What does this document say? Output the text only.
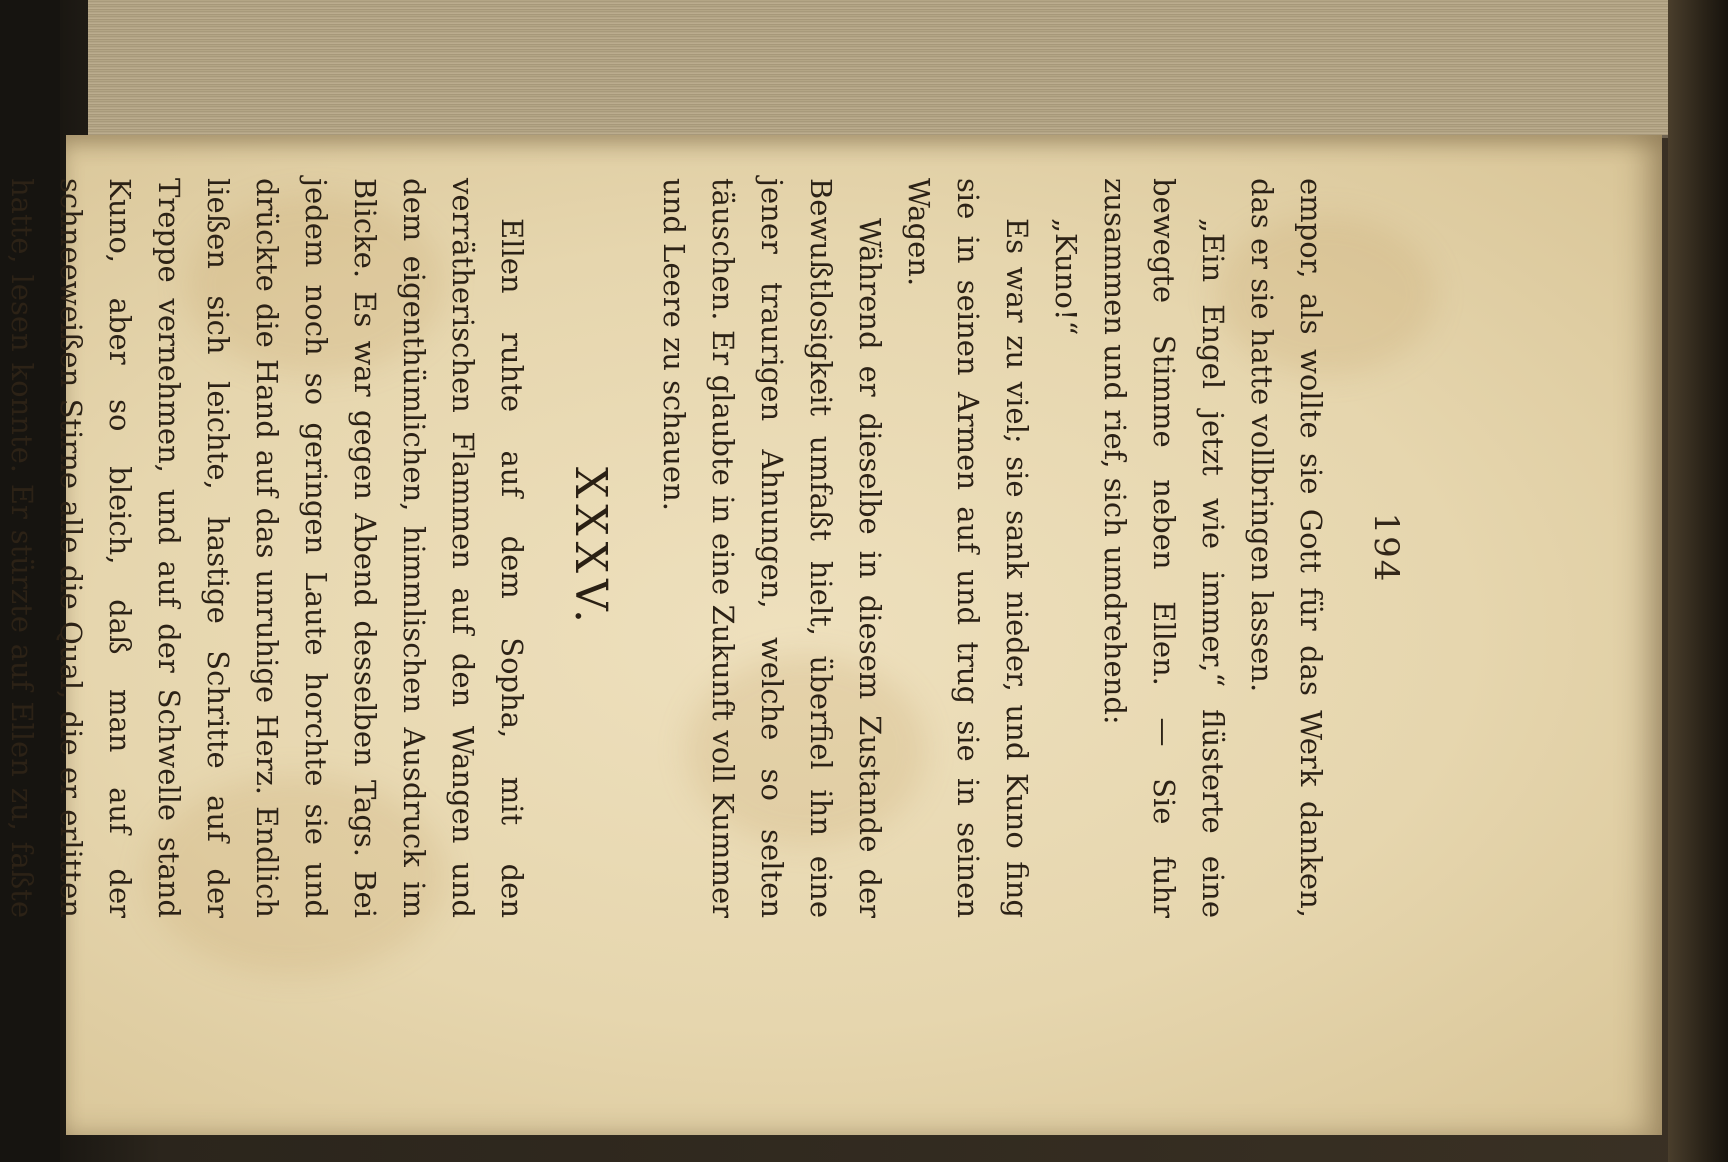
194

empor, als wollte sie Gott für das Werk danken, das er sie hatte vollbringen lassen.

„Ein Engel jetzt wie immer,“ flüsterte eine bewegte Stimme neben Ellen. — Sie fuhr zusammen und rief, sich umdrehend:

„Kuno!“

Es war zu viel; sie sank nieder, und Kuno fing sie in seinen Armen auf und trug sie in seinen Wagen.

Während er dieselbe in diesem Zustande der Bewußtlosigkeit umfaßt hielt, überfiel ihn eine jener traurigen Ahnungen, welche so selten täuschen. Er glaubte in eine Zukunft voll Kummer und Leere zu schauen.

XXXV.

Ellen ruhte auf dem Sopha, mit den verrätherischen Flammen auf den Wangen und dem eigenthümlichen, himmlischen Ausdruck im Blicke. Es war gegen Abend desselben Tags. Bei jedem noch so geringen Laute horchte sie und drückte die Hand auf das unruhige Herz. Endlich ließen sich leichte, hastige Schritte auf der Treppe vernehmen, und auf der Schwelle stand Kuno, aber so bleich, daß man auf der schneeweißen Stirne alle die Qual, die er erlitten hatte, lesen konnte. Er stürzte auf Ellen zu, faßte
